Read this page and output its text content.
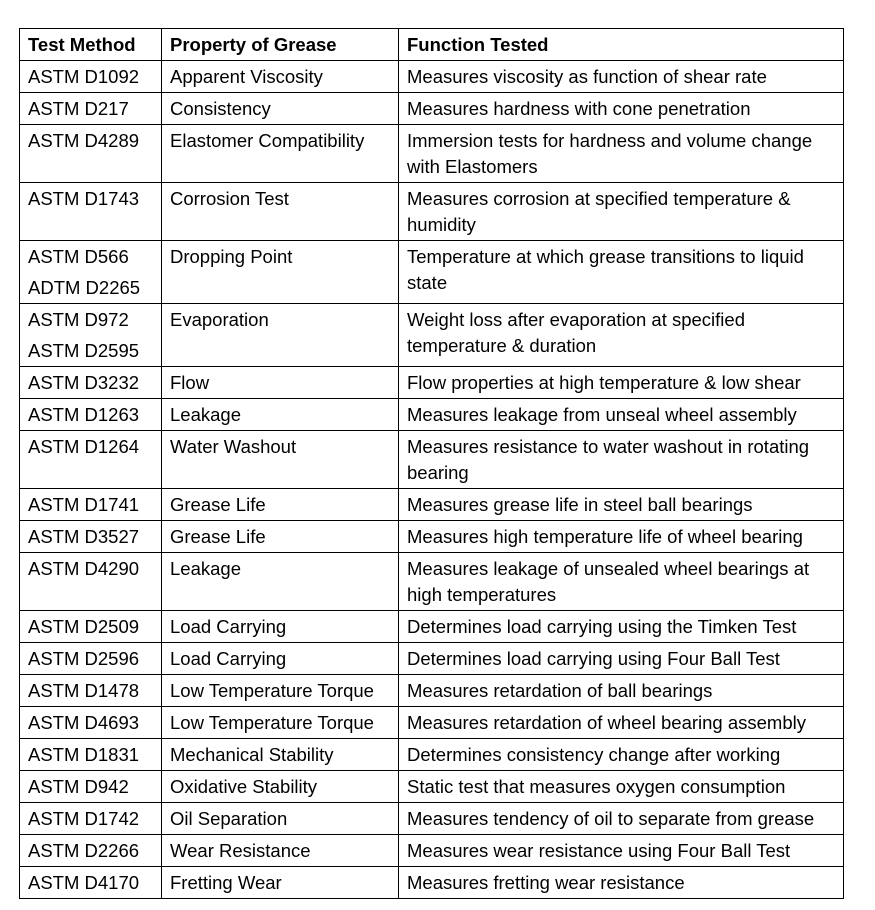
Test Method	Property of Grease	Function Tested

ASTM D1092	Apparent Viscosity	Measures viscosity as function of shear rate

ASTM D217	Consistency	Measures hardness with cone penetration

ASTM D4289	Elastomer Compatibility	Immersion tests for hardness and volume change with Elastomers

ASTM D1743	Corrosion Test	Measures corrosion at specified temperature & humidity

ASTM D566
ADTM D2265	Dropping Point	Temperature at which grease transitions to liquid state

ASTM D972
ASTM D2595	Evaporation	Weight loss after evaporation at specified temperature & duration

ASTM D3232	Flow	Flow properties at high temperature & low shear

ASTM D1263	Leakage	Measures leakage from unseal wheel assembly

ASTM D1264	Water Washout	Measures resistance to water washout in rotating bearing

ASTM D1741	Grease Life	Measures grease life in steel ball bearings

ASTM D3527	Grease Life	Measures high temperature life of wheel bearing

ASTM D4290	Leakage	Measures leakage of unsealed wheel bearings at high temperatures

ASTM D2509	Load Carrying	Determines load carrying using the Timken Test

ASTM D2596	Load Carrying	Determines load carrying using Four Ball Test

ASTM D1478	Low Temperature Torque	Measures retardation of ball bearings

ASTM D4693	Low Temperature Torque	Measures retardation of wheel bearing assembly

ASTM D1831	Mechanical Stability	Determines consistency change after working

ASTM D942	Oxidative Stability	Static test that measures oxygen consumption

ASTM D1742	Oil Separation	Measures tendency of oil to separate from grease

ASTM D2266	Wear Resistance	Measures wear resistance using Four Ball Test

ASTM D4170	Fretting Wear	Measures fretting wear resistance
